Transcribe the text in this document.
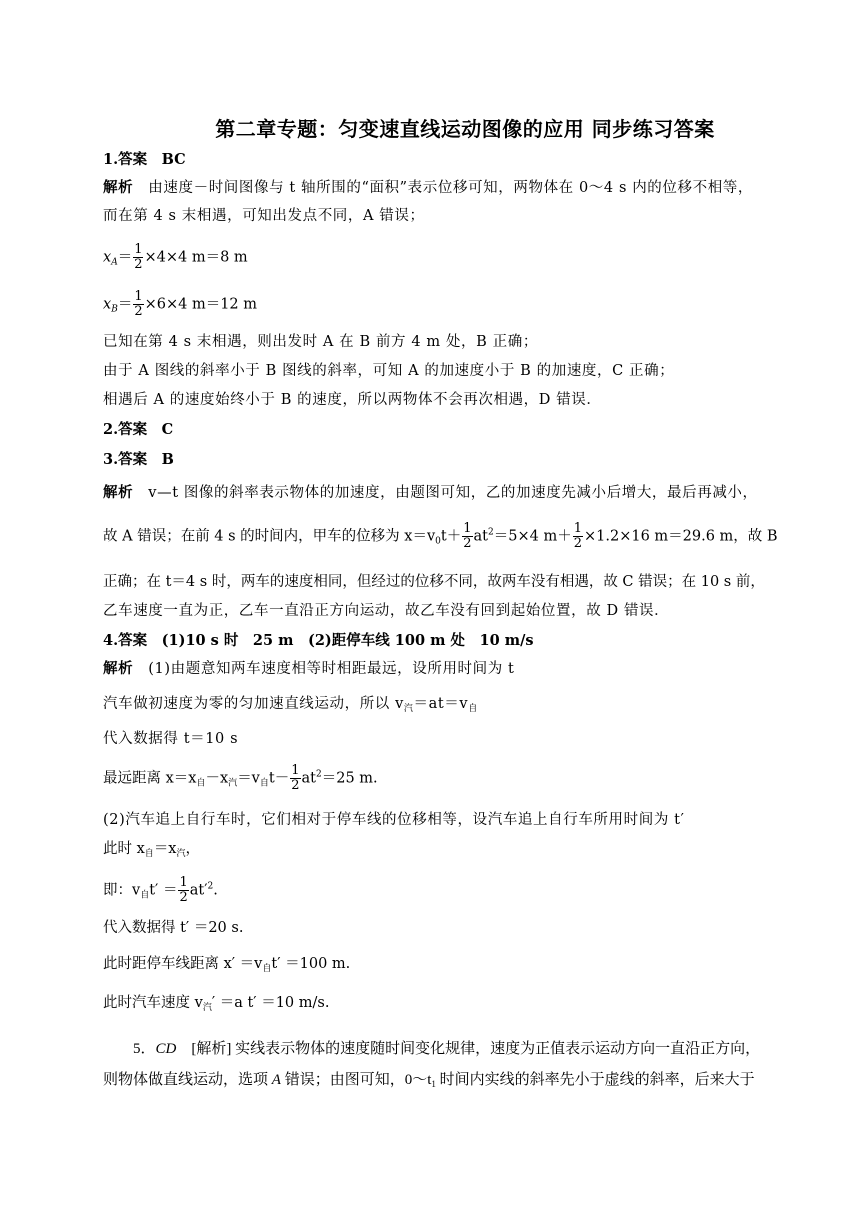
第二章专题：匀变速直线运动图像的应用 同步练习答案
1.答案　BC
解析　由速度－时间图像与 t 轴所围的“面积”表示位移可知，两物体在 0～4 s 内的位移不相等，
而在第 4 s 末相遇，可知出发点不同，A 错误；
$x_A= \frac{1}{2} \times 4\times 4$ m＝8 m
$x_B= \frac{1}{2} \times 6\times 4$ m＝12 m
已知在第 4 s 末相遇，则出发时 A 在 B 前方 4 m 处，B 正确；
由于 A 图线的斜率小于 B 图线的斜率，可知 A 的加速度小于 B 的加速度，C 正确；
相遇后 A 的速度始终小于 B 的速度，所以两物体不会再次相遇，D 错误．
2.答案　C
3.答案　B
解析　v—t 图像的斜率表示物体的加速度，由题图可知，乙的加速度先减小后增大，最后再减小，
故 A 错误；在前 4 s 的时间内，甲车的位移为 $x=v_0t+ \frac{1}{2} at^2=5\times 4$ $m+ \frac{1}{2} \times 1.2\times 16$ m＝29.6 m，故 B
正确；在 t＝4 s 时，两车的速度相同，但经过的位移不同，故两车没有相遇，故 C 错误；在 10 s 前，
乙车速度一直为正，乙车一直沿正方向运动，故乙车没有回到起始位置，故 D 错误．
4.答案　(1)10 s 时　25 m　(2)距停车线 100 m 处　10 m/s
解析　(1)由题意知两车速度相等时相距最远，设所用时间为 t
汽车做初速度为零的匀加速直线运动，所以 $v_汽=at=v_自$
代入数据得 t＝10 s
最远距离 $x=x_自-x_汽=v_自t- \frac{1}{2} at^2=25$ m.
(2)汽车追上自行车时，它们相对于停车线的位移相等，设汽车追上自行车所用时间为 t′
此时 $x_自=x_汽$，
即：$v_自t' = \frac{1}{2} at'^2$.
代入数据得 t′ ＝20 s.
此时距停车线距离 $x' =v_自t' =100$ m.
此时汽车速度 $v_汽' =a$ t′ ＝10 m/s.
5．CD　 [解析] 实线表示物体的速度随时间变化规律，速度为正值表示运动方向一直沿正方向，
则物体做直线运动，选项 A 错误；由图可知，$0\sim t_1$ 时间内实线的斜率先小于虚线的斜率，后来大于
